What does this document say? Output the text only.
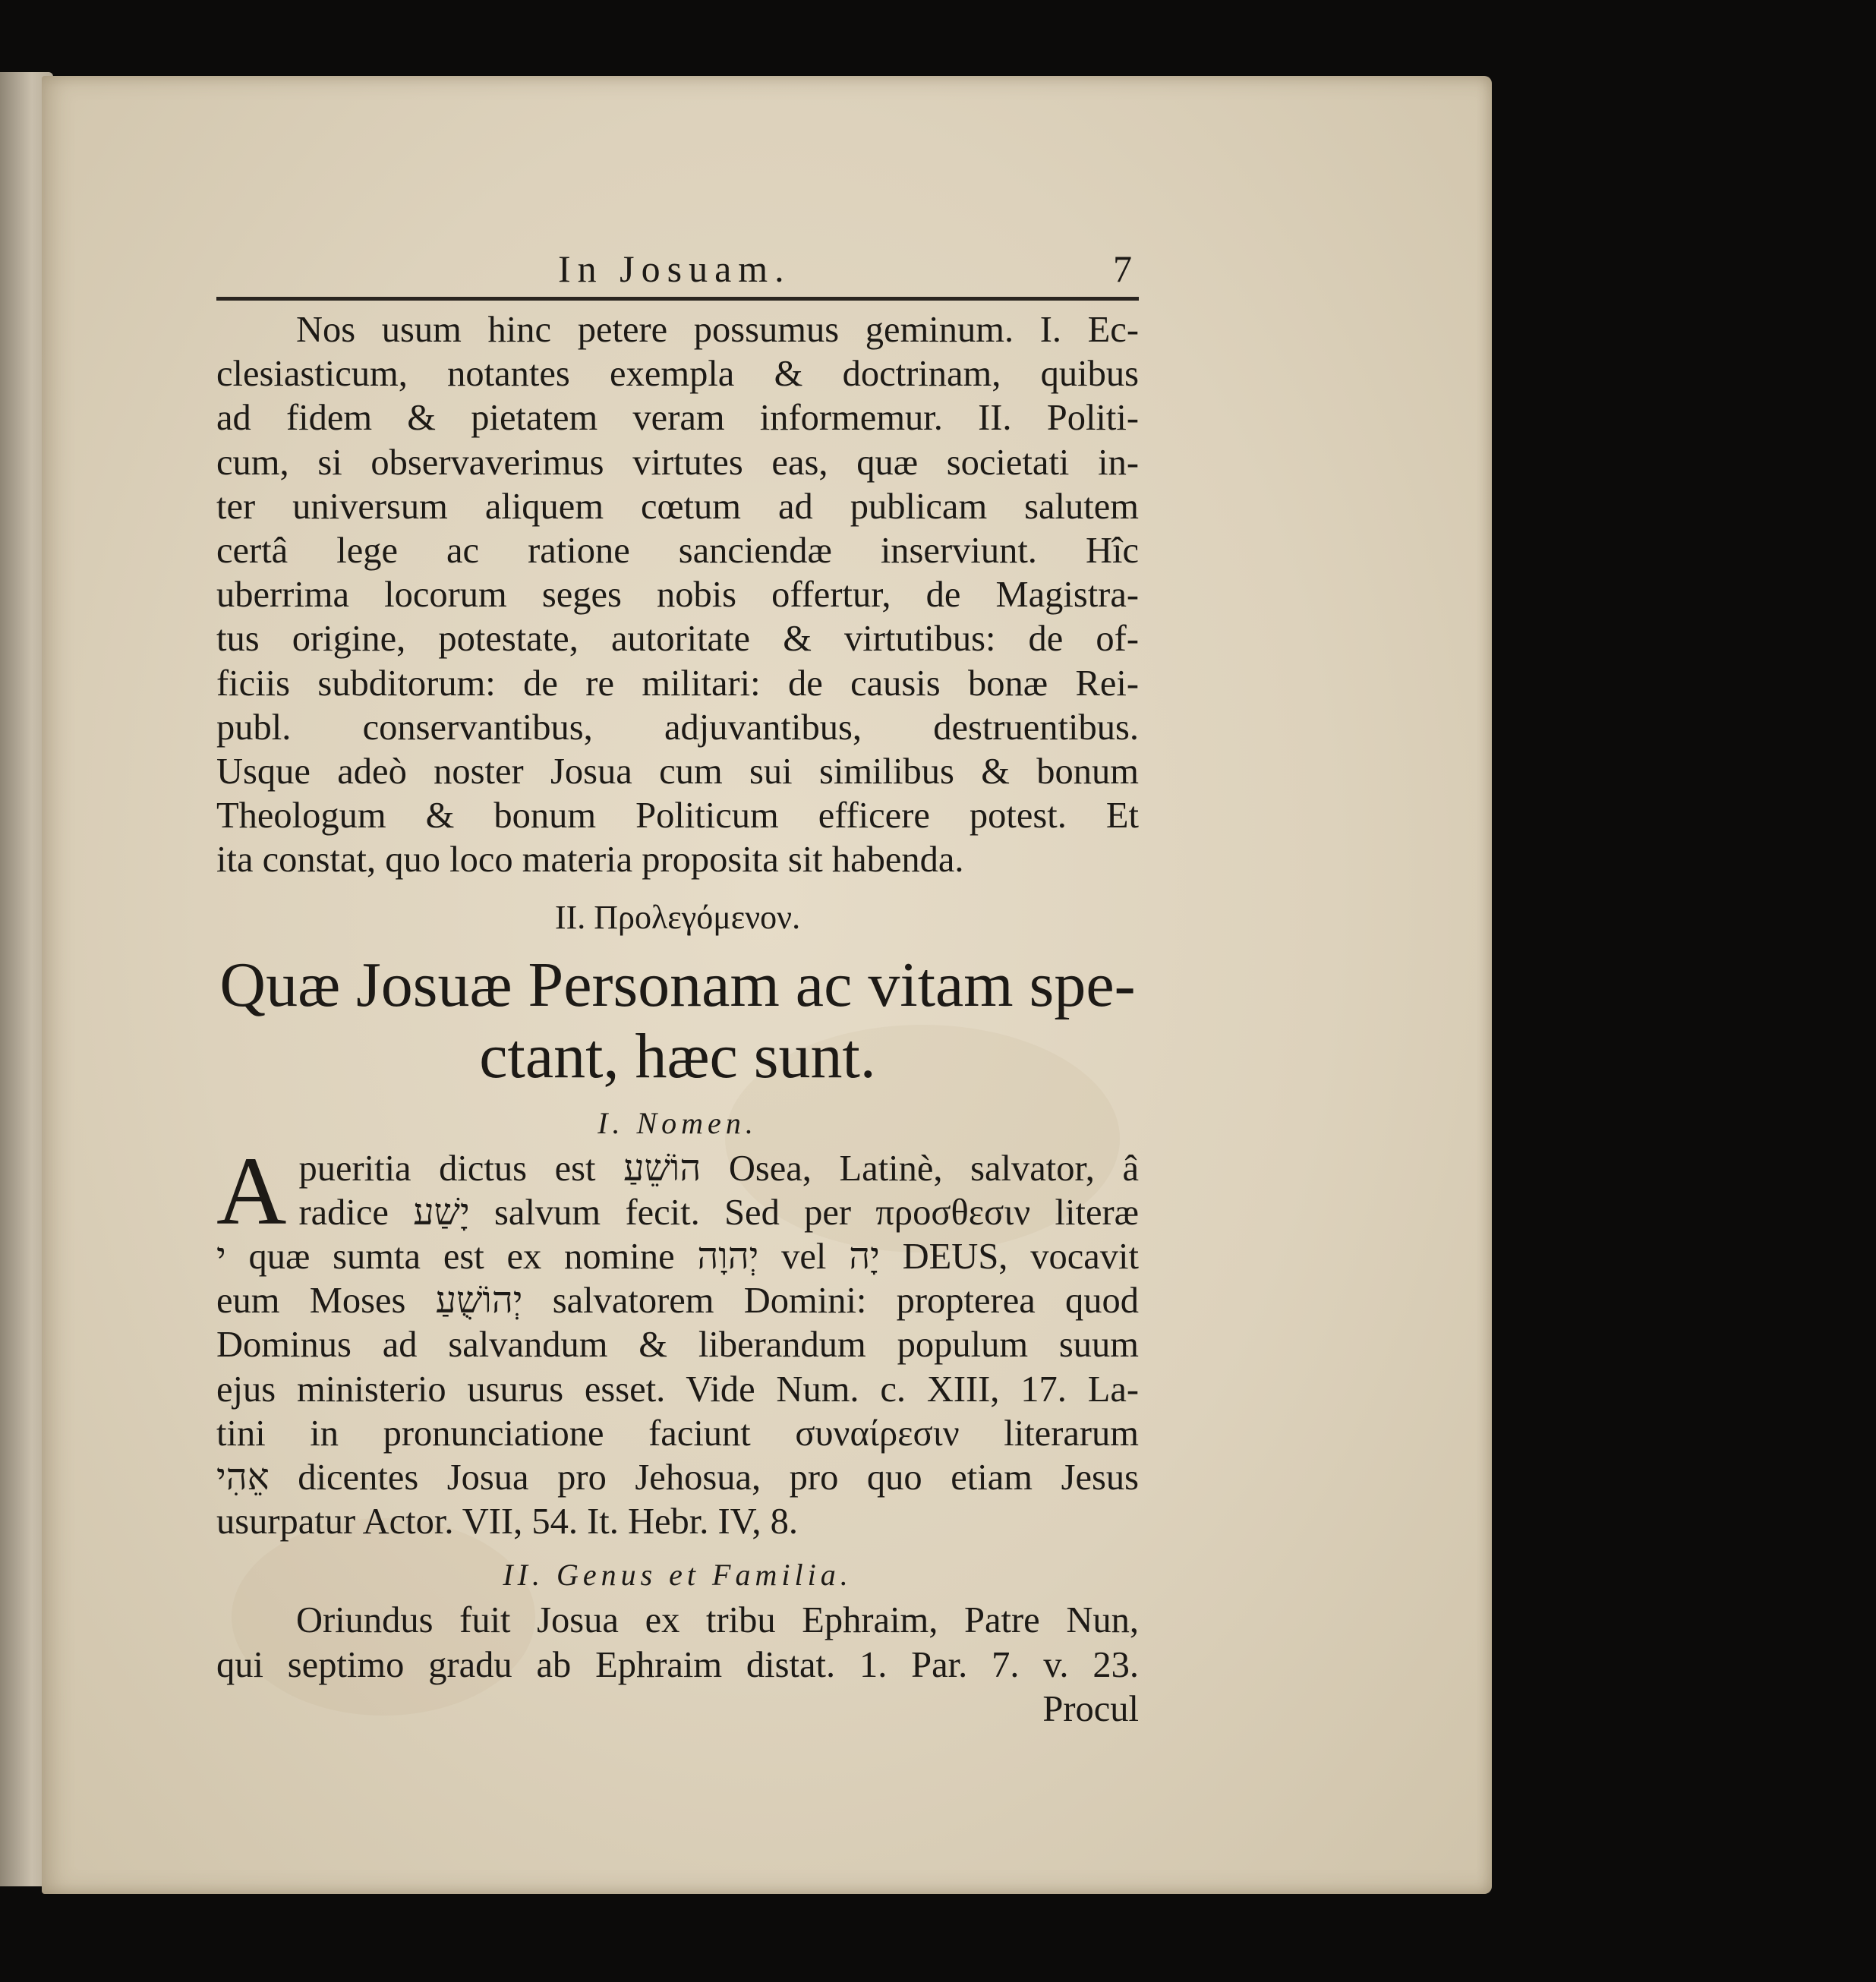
In Josuam.	7
Nos usum hinc petere possumus geminum. I. Ec-
clesiasticum, notantes exempla & doctrinam, quibus
ad fidem & pietatem veram informemur. II. Politi-
cum, si observaverimus virtutes eas, quæ societati in-
ter universum aliquem cœtum ad publicam salutem
certâ lege ac ratione sanciendæ inserviunt. Hîc
uberrima locorum seges nobis offertur, de Magistra-
tus origine, potestate, autoritate & virtutibus: de of-
ficiis subditorum: de re militari: de causis bonæ Rei-
publ. conservantibus, adjuvantibus, destruentibus.
Usque adeò noster Josua cum sui similibus & bonum
Theologum & bonum Politicum efficere potest. Et
ita constat, quo loco materia proposita sit habenda.
II. Προλεγόμενον.
Quæ Josuæ Personam ac vitam spe-
ctant, hæc sunt.
I. Nomen.
A pueritia dictus est הוֹשֵׁעַ Osea, Latinè, salvator, â
radice יָשַׁע salvum fecit. Sed per προσθεσιν literæ
י quæ sumta est ex nomine יְהוָה vel יָה DEUS, vocavit
eum Moses יְהוֹשֻׁעַ salvatorem Domini: propterea quod
Dominus ad salvandum & liberandum populum suum
ejus ministerio usurus esset. Vide Num. c. XIII, 17. La-
tini in pronunciatione faciunt συναίρεσιν literarum
אֵהִי dicentes Josua pro Jehosua, pro quo etiam Jesus
usurpatur Actor. VII, 54. It. Hebr. IV, 8.
II. Genus et Familia.
Oriundus fuit Josua ex tribu Ephraim, Patre Nun,
qui septimo gradu ab Ephraim distat. 1. Par. 7. v. 23.
Procul
